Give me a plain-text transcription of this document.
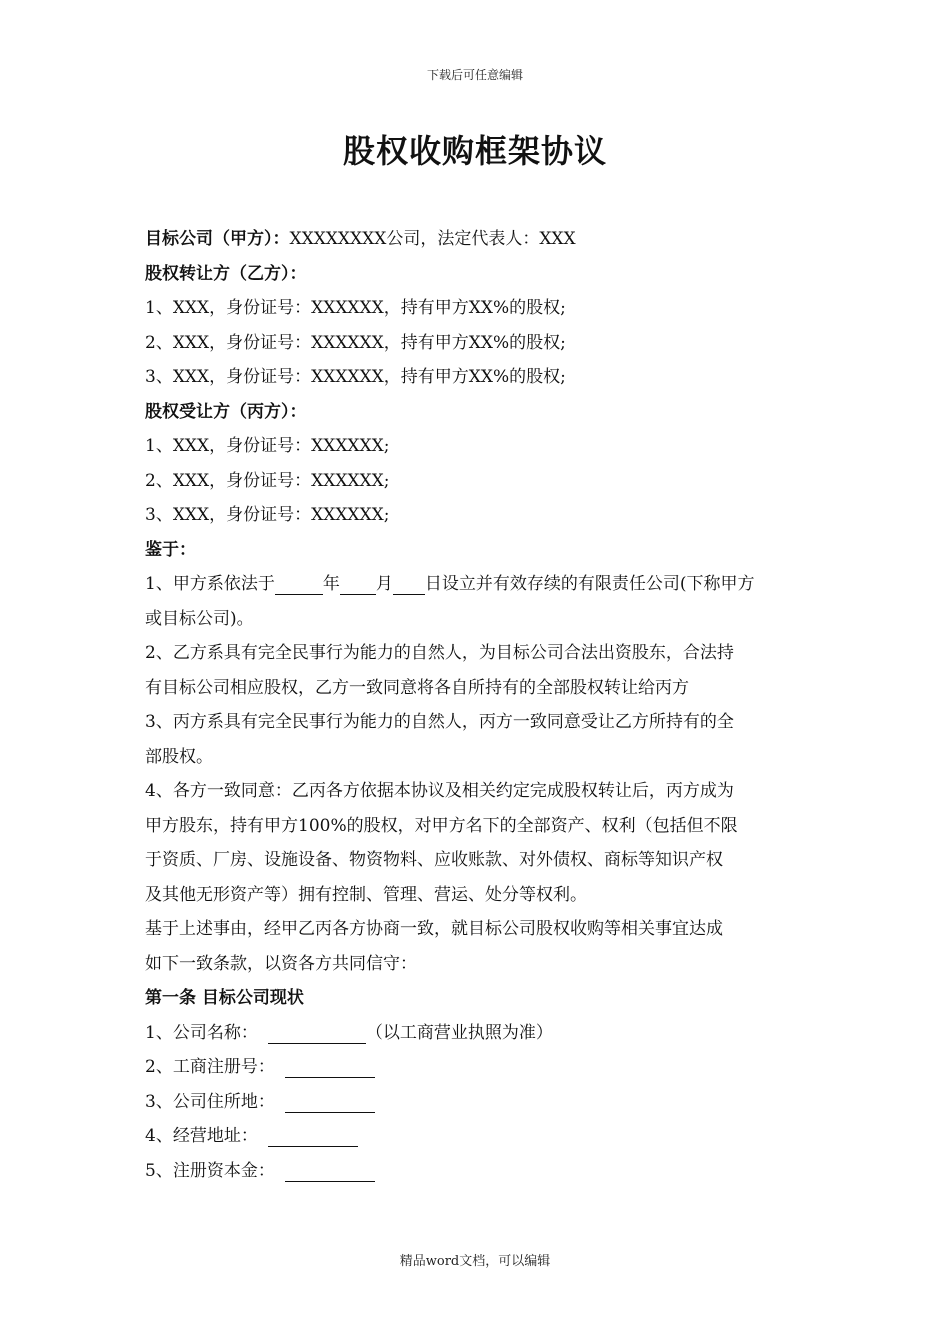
下载后可任意编辑
股权收购框架协议
目标公司（甲方）：XXXXXXXX公司，法定代表人：XXX
股权转让方（乙方）：
1、XXX，身份证号：XXXXXX，持有甲方XX%的股权;
2、XXX，身份证号：XXXXXX，持有甲方XX%的股权;
3、XXX，身份证号：XXXXXX，持有甲方XX%的股权;
股权受让方（丙方）：
1、XXX，身份证号：XXXXXX;
2、XXX，身份证号：XXXXXX;
3、XXX，身份证号：XXXXXX;
鉴于：
1、甲方系依法于	年 月 日设立并有效存续的有限责任公司(下称甲方
或目标公司)。
2、乙方系具有完全民事行为能力的自然人，为目标公司合法出资股东，合法持
有目标公司相应股权，乙方一致同意将各自所持有的全部股权转让给丙方
3、丙方系具有完全民事行为能力的自然人，丙方一致同意受让乙方所持有的全
部股权。
4、各方一致同意：乙丙各方依据本协议及相关约定完成股权转让后，丙方成为
甲方股东，持有甲方100%的股权，对甲方名下的全部资产、权利（包括但不限
于资质、厂房、设施设备、物资物料、应收账款、对外债权、商标等知识产权
及其他无形资产等）拥有控制、管理、营运、处分等权利。
基于上述事由，经甲乙丙各方协商一致，就目标公司股权收购等相关事宜达成
如下一致条款，以资各方共同信守：
第一条 目标公司现状
1、公司名称：	（以工商营业执照为准）
2、工商注册号：
3、公司住所地：
4、经营地址：
5、注册资本金：
精品word文档，可以编辑
